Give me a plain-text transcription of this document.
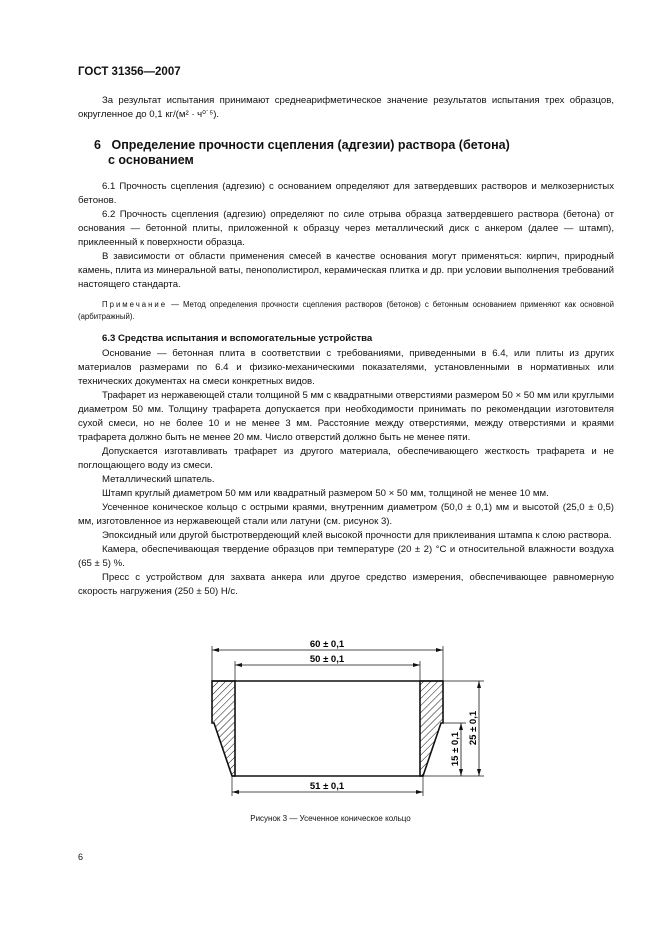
ГОСТ 31356—2007

За результат испытания принимают среднеарифметическое значение результатов испытания трех образцов, округленное до 0,1 кг/(м² · ч⁰˙⁵).

6 Определение прочности сцепления (адгезии) раствора (бетона)
с основанием

6.1 Прочность сцепления (адгезию) с основанием определяют для затвердевших растворов и мелкозернистых бетонов.

6.2 Прочность сцепления (адгезию) определяют по силе отрыва образца затвердевшего раствора (бетона) от основания — бетонной плиты, приложенной к образцу через металлический диск с анкером (далее — штамп), приклеенный к поверхности образца.

В зависимости от области применения смесей в качестве основания могут применяться: кирпич, природный камень, плита из минеральной ваты, пенополистирол, керамическая плитка и др. при условии выполнения требований настоящего стандарта.

Примечание — Метод определения прочности сцепления растворов (бетонов) с бетонным основанием применяют как основной (арбитражный).

6.3 Средства испытания и вспомогательные устройства

Основание — бетонная плита в соответствии с требованиями, приведенными в 6.4, или плиты из других материалов размерами по 6.4 и физико-механическими показателями, установленными в нормативных или технических документах на смеси конкретных видов.

Трафарет из нержавеющей стали толщиной 5 мм с квадратными отверстиями размером 50 × 50 мм или круглыми диаметром 50 мм. Толщину трафарета допускается при необходимости принимать по рекомендации изготовителя сухой смеси, но не более 10 и не менее 3 мм. Расстояние между отверстиями, между отверстиями и краями трафарета должно быть не менее 20 мм. Число отверстий должно быть не менее пяти.

Допускается изготавливать трафарет из другого материала, обеспечивающего жесткость трафарета и не поглощающего воду из смеси.

Металлический шпатель.

Штамп круглый диаметром 50 мм или квадратный размером 50 × 50 мм, толщиной не менее 10 мм.

Усеченное коническое кольцо с острыми краями, внутренним диаметром (50,0 ± 0,1) мм и высотой (25,0 ± 0,5) мм, изготовленное из нержавеющей стали или латуни (см. рисунок 3).

Эпоксидный или другой быстротвердеющий клей высокой прочности для приклеивания штампа к слою раствора.

Камера, обеспечивающая твердение образцов при температуре (20 ± 2) °С и относительной влажности воздуха (65 ± 5) %.

Пресс с устройством для захвата анкера или другое средство измерения, обеспечивающее равномерную скорость нагружения (250 ± 50) Н/с.

60 ± 0,1
50 ± 0,1
51 ± 0,1
25 ± 0,1
15 ± 0,1
Рисунок 3 — Усеченное коническое кольцо
6
